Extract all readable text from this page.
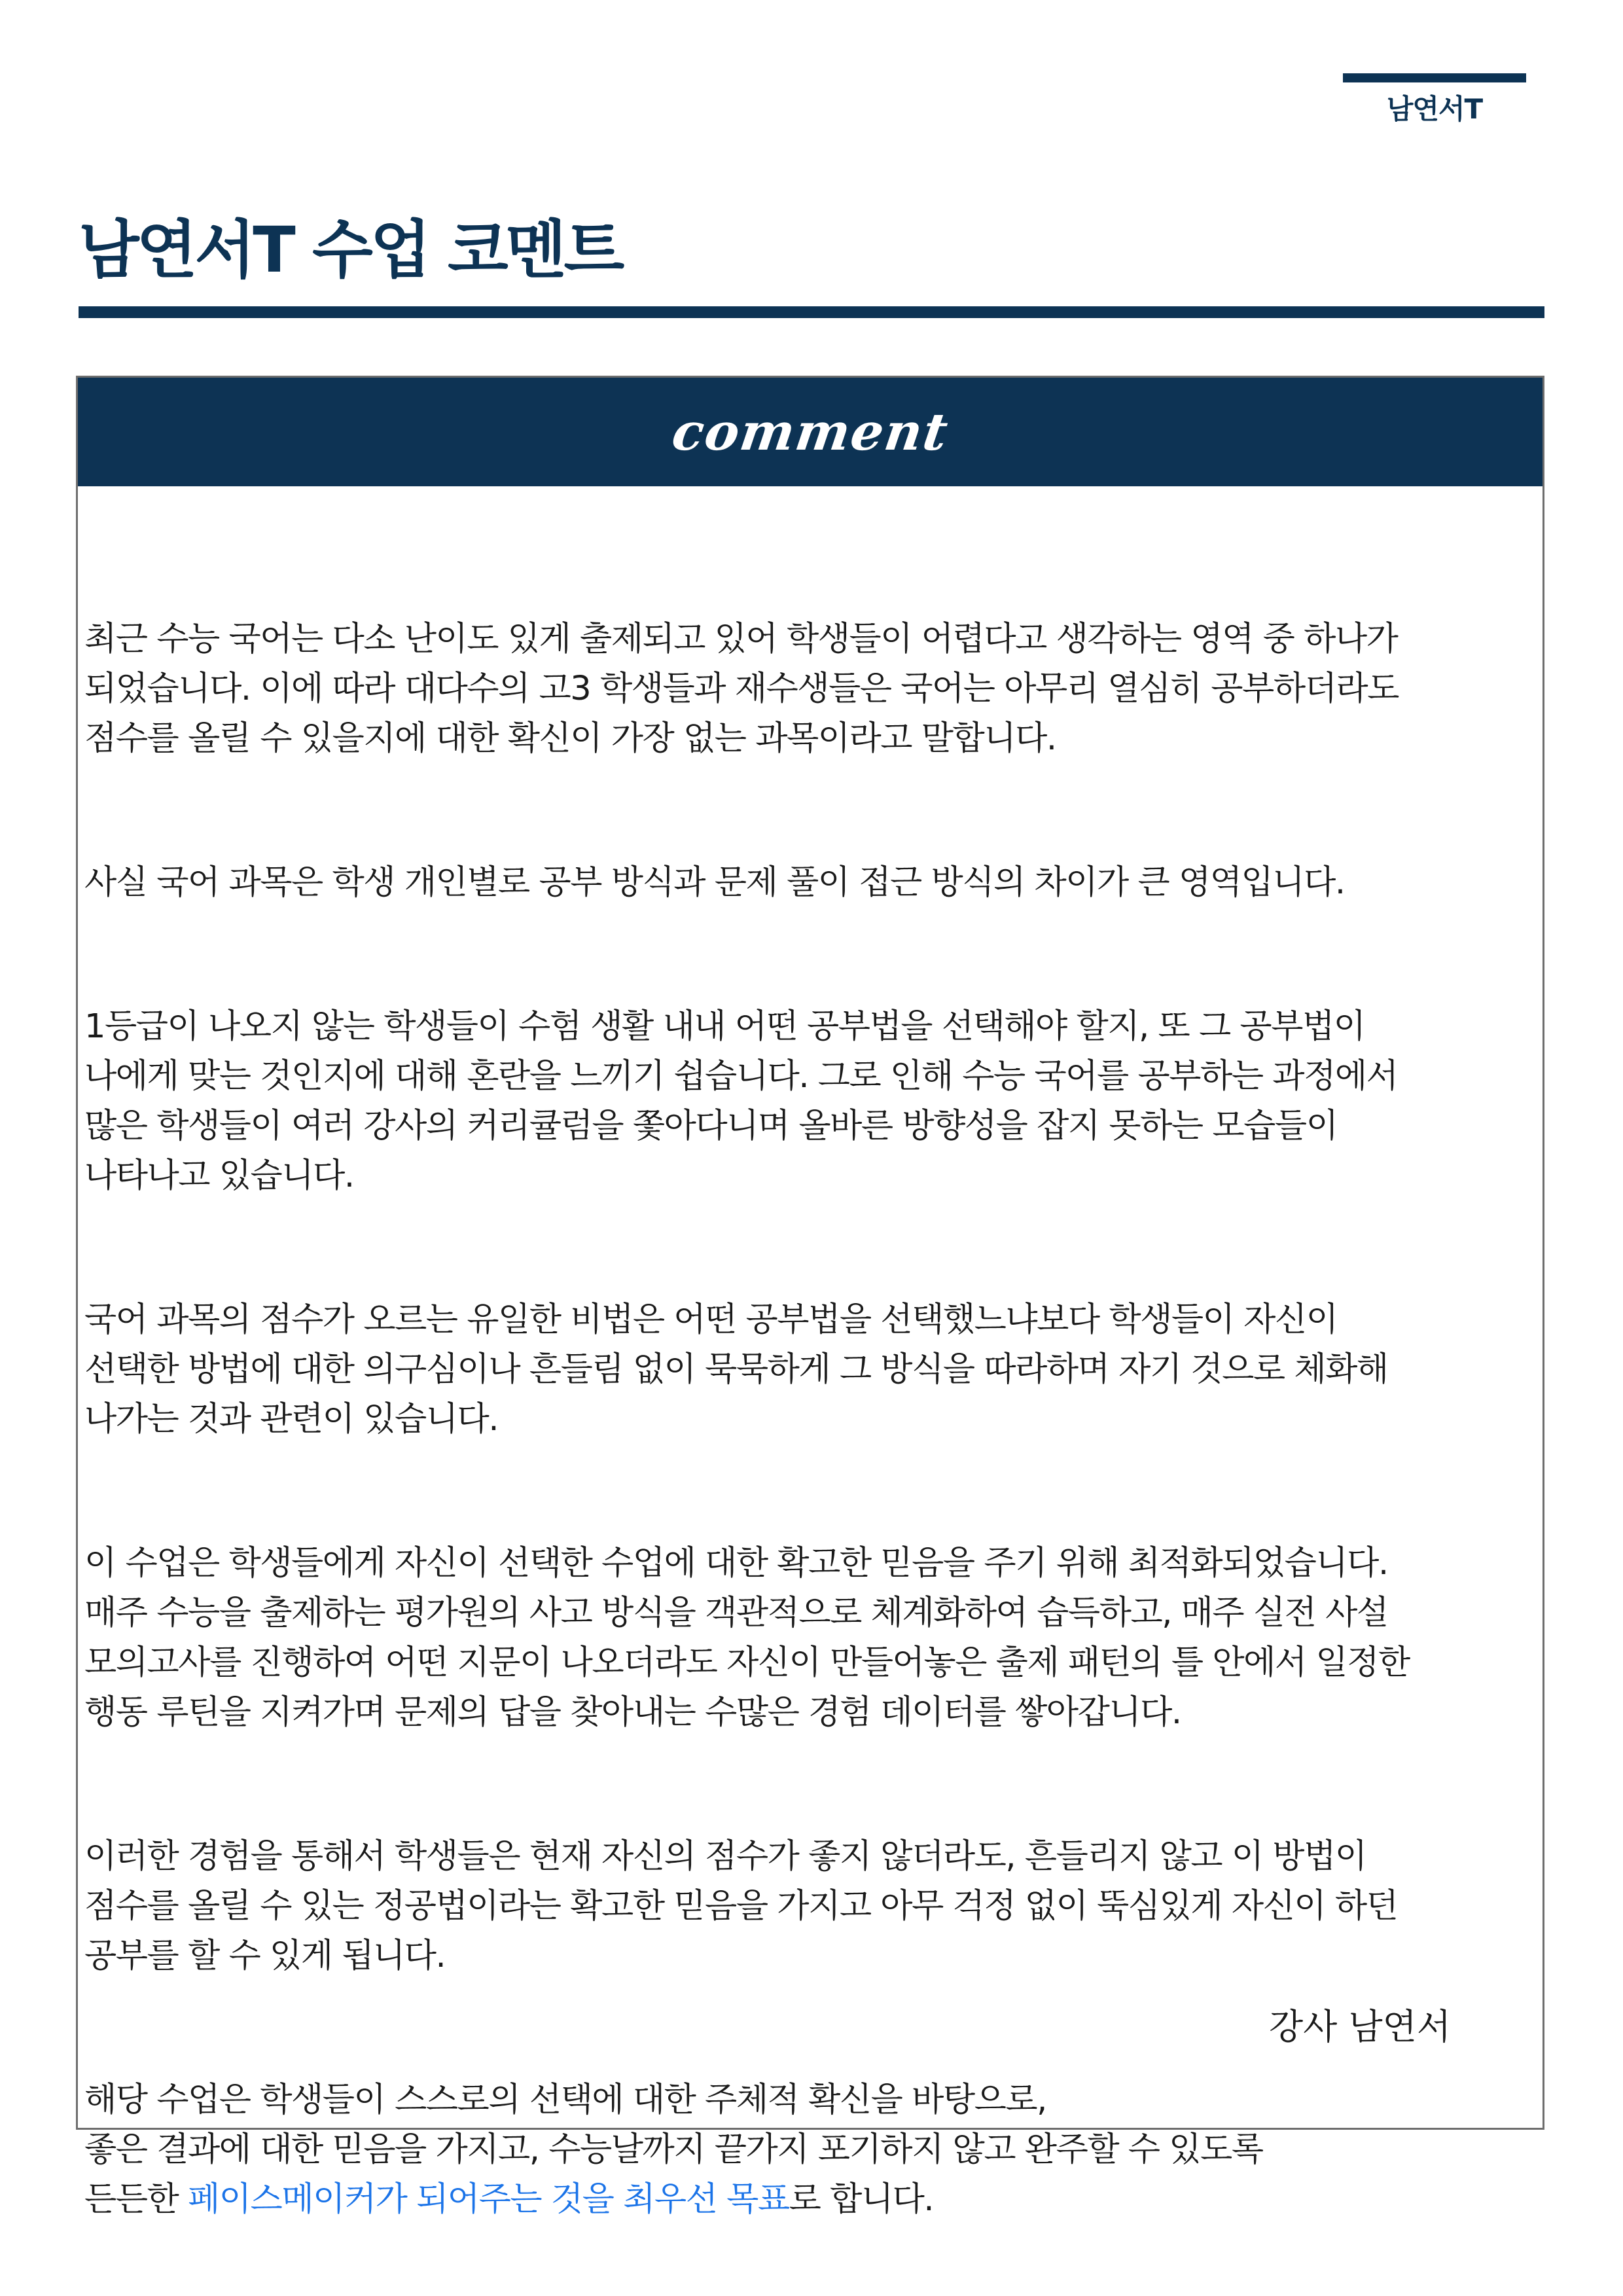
남연서T
남연서T 수업 코멘트
comment

최근 수능 국어는 다소 난이도 있게 출제되고 있어 학생들이 어렵다고 생각하는 영역 중 하나가
되었습니다. 이에 따라 대다수의 고3 학생들과 재수생들은 국어는 아무리 열심히 공부하더라도
점수를 올릴 수 있을지에 대한 확신이 가장 없는 과목이라고 말합니다.

사실 국어 과목은 학생 개인별로 공부 방식과 문제 풀이 접근 방식의 차이가 큰 영역입니다.

1등급이 나오지 않는 학생들이 수험 생활 내내 어떤 공부법을 선택해야 할지, 또 그 공부법이
나에게 맞는 것인지에 대해 혼란을 느끼기 쉽습니다. 그로 인해 수능 국어를 공부하는 과정에서
많은 학생들이 여러 강사의 커리큘럼을 쫓아다니며 올바른 방향성을 잡지 못하는 모습들이
나타나고 있습니다.

국어 과목의 점수가 오르는 유일한 비법은 어떤 공부법을 선택했느냐보다 학생들이 자신이
선택한 방법에 대한 의구심이나 흔들림 없이 묵묵하게 그 방식을 따라하며 자기 것으로 체화해
나가는 것과 관련이 있습니다.

이 수업은 학생들에게 자신이 선택한 수업에 대한 확고한 믿음을 주기 위해 최적화되었습니다.
매주 수능을 출제하는 평가원의 사고 방식을 객관적으로 체계화하여 습득하고, 매주 실전 사설
모의고사를 진행하여 어떤 지문이 나오더라도 자신이 만들어놓은 출제 패턴의 틀 안에서 일정한
행동 루틴을 지켜가며 문제의 답을 찾아내는 수많은 경험 데이터를 쌓아갑니다.

이러한 경험을 통해서 학생들은 현재 자신의 점수가 좋지 않더라도, 흔들리지 않고 이 방법이
점수를 올릴 수 있는 정공법이라는 확고한 믿음을 가지고 아무 걱정 없이 뚝심있게 자신이 하던
공부를 할 수 있게 됩니다.

해당 수업은 학생들이 스스로의 선택에 대한 주체적 확신을 바탕으로,
좋은 결과에 대한 믿음을 가지고, 수능날까지 끝가지 포기하지 않고 완주할 수 있도록
든든한 페이스메이커가 되어주는 것을 최우선 목표로 합니다.

강사 남연서
